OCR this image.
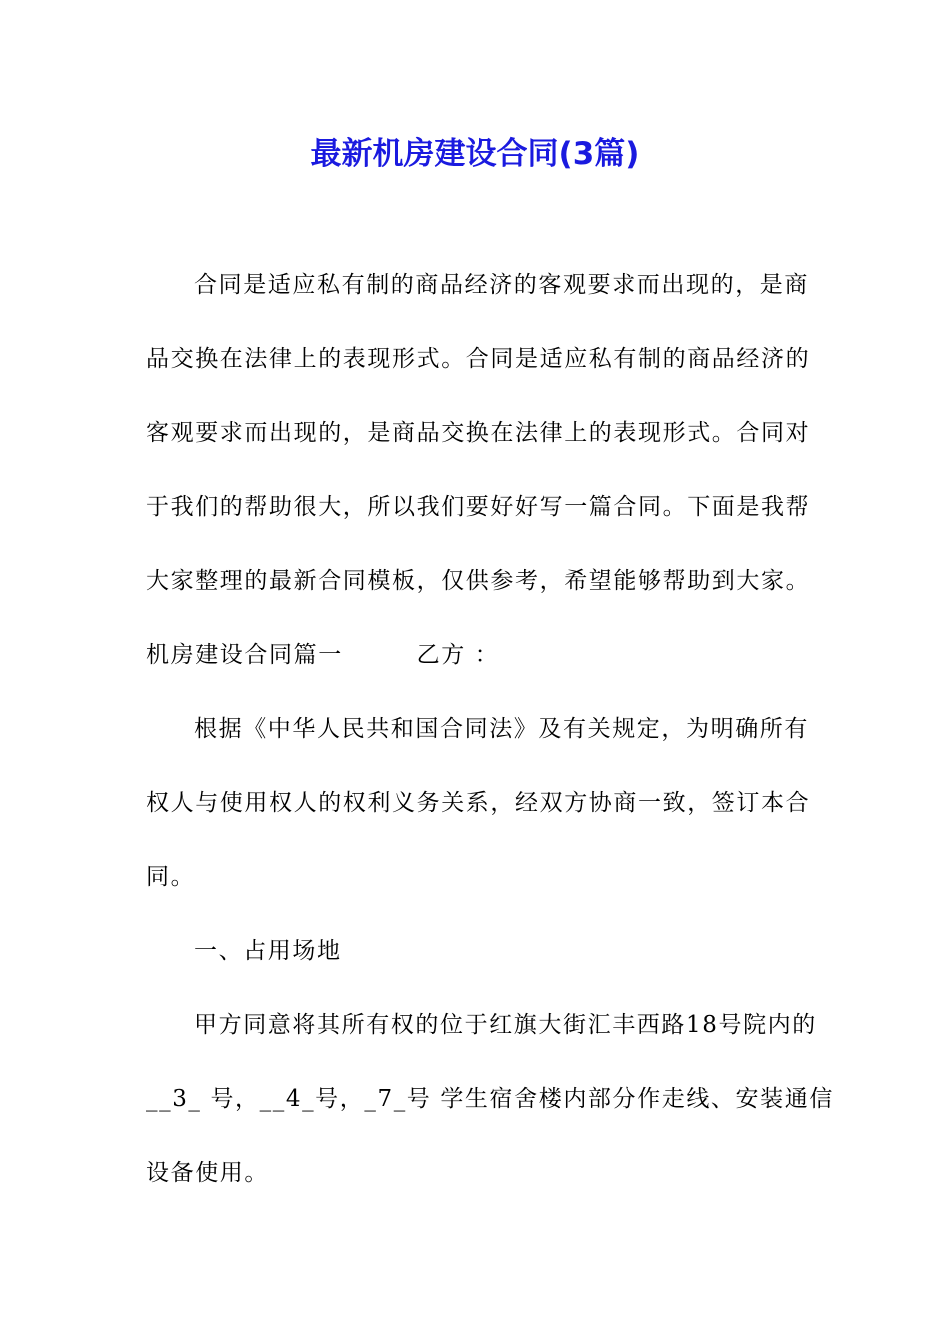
最新机房建设合同(3篇)
合同是适应私有制的商品经济的客观要求而出现的，是商
品交换在法律上的表现形式。合同是适应私有制的商品经济的
客观要求而出现的，是商品交换在法律上的表现形式。合同对
于我们的帮助很大，所以我们要好好写一篇合同。下面是我帮
大家整理的最新合同模板，仅供参考，希望能够帮助到大家。
机房建设合同篇一　　　乙方 ：
根据《中华人民共和国合同法》及有关规定，为明确所有
权人与使用权人的权利义务关系，经双方协商一致，签订本合
同。
一、占用场地
甲方同意将其所有权的位于红旗大街汇丰西路18号院内的
__3_ 号，__4_号，_7_号 学生宿舍楼内部分作走线、安装通信
设备使用。
